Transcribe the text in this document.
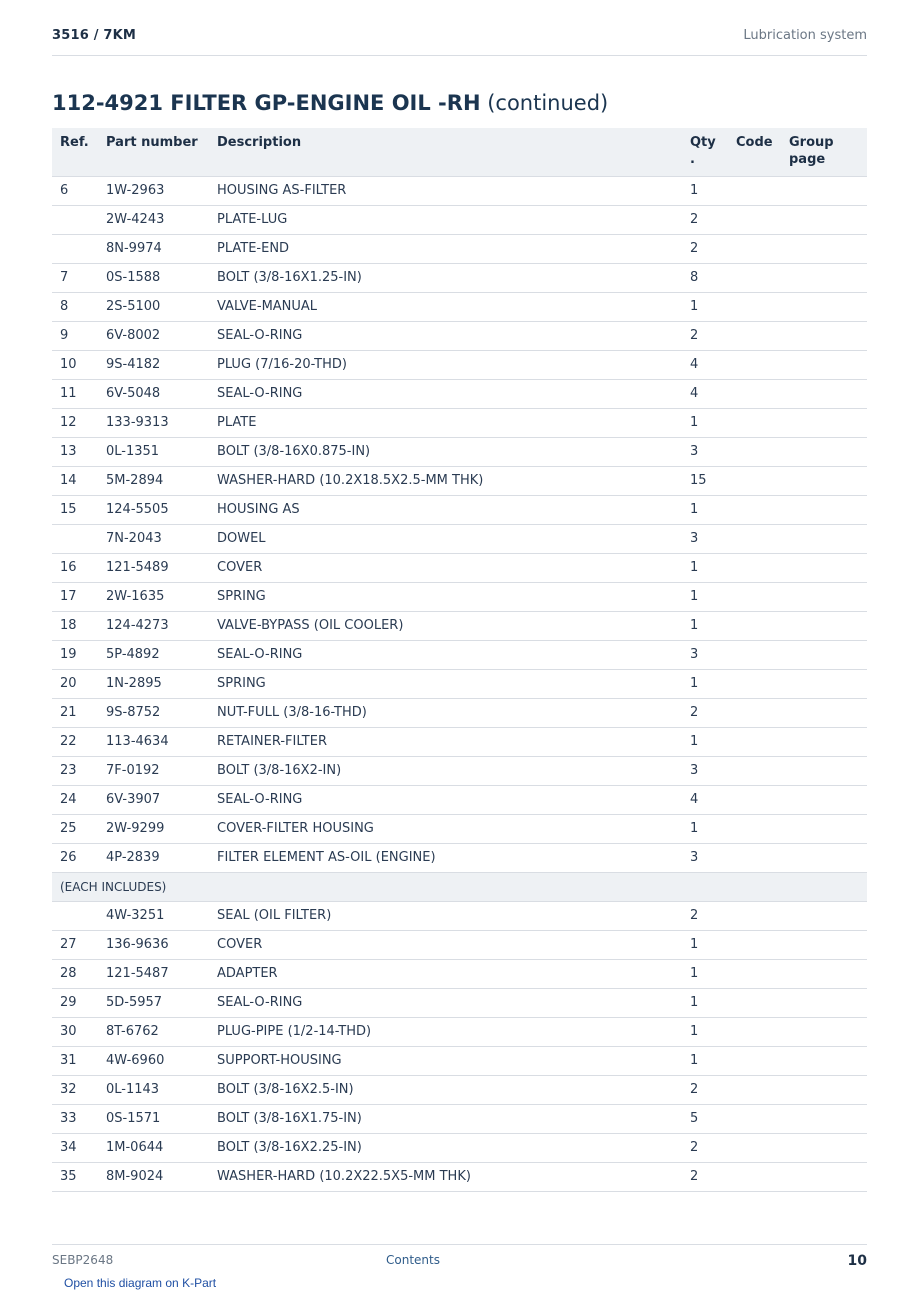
3516 / 7KM	Lubrication system
112-4921 FILTER GP-ENGINE OIL -RH (continued)
Ref.	Part number	Description	Qty .	Code	Group page
6	1W-2963	HOUSING AS-FILTER	1		
	2W-4243	PLATE-LUG	2		
	8N-9974	PLATE-END	2		
7	0S-1588	BOLT (3/8-16X1.25-IN)	8		
8	2S-5100	VALVE-MANUAL	1		
9	6V-8002	SEAL-O-RING	2		
10	9S-4182	PLUG (7/16-20-THD)	4		
11	6V-5048	SEAL-O-RING	4		
12	133-9313	PLATE	1		
13	0L-1351	BOLT (3/8-16X0.875-IN)	3		
14	5M-2894	WASHER-HARD (10.2X18.5X2.5-MM THK)	15		
15	124-5505	HOUSING AS	1		
	7N-2043	DOWEL	3		
16	121-5489	COVER	1		
17	2W-1635	SPRING	1		
18	124-4273	VALVE-BYPASS (OIL COOLER)	1		
19	5P-4892	SEAL-O-RING	3		
20	1N-2895	SPRING	1		
21	9S-8752	NUT-FULL (3/8-16-THD)	2		
22	113-4634	RETAINER-FILTER	1		
23	7F-0192	BOLT (3/8-16X2-IN)	3		
24	6V-3907	SEAL-O-RING	4		
25	2W-9299	COVER-FILTER HOUSING	1		
26	4P-2839	FILTER ELEMENT AS-OIL (ENGINE)	3		
(EACH INCLUDES)					
	4W-3251	SEAL (OIL FILTER)	2		
27	136-9636	COVER	1		
28	121-5487	ADAPTER	1		
29	5D-5957	SEAL-O-RING	1		
30	8T-6762	PLUG-PIPE (1/2-14-THD)	1		
31	4W-6960	SUPPORT-HOUSING	1		
32	0L-1143	BOLT (3/8-16X2.5-IN)	2		
33	0S-1571	BOLT (3/8-16X1.75-IN)	5		
34	1M-0644	BOLT (3/8-16X2.25-IN)	2		
35	8M-9024	WASHER-HARD (10.2X22.5X5-MM THK)	2		
SEBP2648	Contents	10
Open this diagram on K-Part
